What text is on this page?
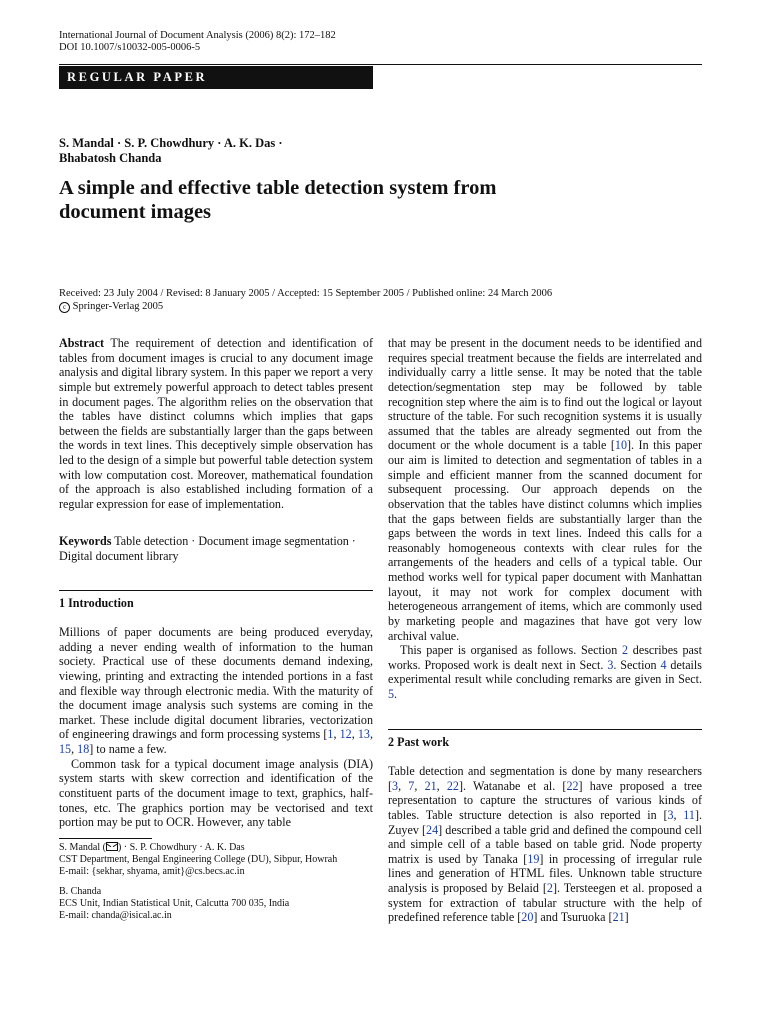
International Journal of Document Analysis (2006) 8(2): 172–182
DOI 10.1007/s10032-005-0006-5
REGULAR PAPER
S. Mandal · S. P. Chowdhury · A. K. Das ·
Bhabatosh Chanda
A simple and effective table detection system from
document images
Received: 23 July 2004 / Revised: 8 January 2005 / Accepted: 15 September 2005 / Published online: 24 March 2006
c Springer-Verlag 2005

Abstract The requirement of detection and identification of tables from document images is crucial to any document image analysis and digital library system. In this paper we report a very simple but extremely powerful approach to detect tables present in document pages. The algorithm relies on the observation that the tables have distinct columns which implies that gaps between the fields are substantially larger than the gaps between the words in text lines. This deceptively simple observation has led to the design of a simple but powerful table detection system with low computation cost. Moreover, mathematical foundation of the approach is also established including formation of a regular expression for ease of implementation.

Keywords Table detection · Document image segmentation · Digital document library

1 Introduction

Millions of paper documents are being produced everyday, adding a never ending wealth of information to the human society. Practical use of these documents demand indexing, viewing, printing and extracting the intended portions in a fast and flexible way through electronic media. With the maturity of the document image analysis such systems are coming in the market. These include digital document libraries, vectorization of engineering drawings and form processing systems [1, 12, 13, 15, 18] to name a few.

Common task for a typical document image analysis (DIA) system starts with skew correction and identification of the constituent parts of the document image to text, graphics, half-tones, etc. The graphics portion may be vectorised and text portion may be put to OCR. However, any table

S. Mandal ( ) · S. P. Chowdhury · A. K. Das
CST Department, Bengal Engineering College (DU), Sibpur, Howrah
E-mail: {sekhar, shyama, amit}@cs.becs.ac.in
B. Chanda
ECS Unit, Indian Statistical Unit, Calcutta 700 035, India
E-mail: chanda@isical.ac.in

that may be present in the document needs to be identified and requires special treatment because the fields are interrelated and individually carry a little sense. It may be noted that the table detection/segmentation step may be followed by table recognition step where the aim is to find out the logical or layout structure of the table. For such recognition systems it is usually assumed that the tables are already segmented out from the document or the whole document is a table [10]. In this paper our aim is limited to detection and segmentation of tables in a simple and efficient manner from the scanned document for subsequent processing. Our approach depends on the observation that the tables have distinct columns which implies that the gaps between fields are substantially larger than the gaps between the words in text lines. Indeed this calls for a reasonably homogeneous contexts with clear rules for the arrangements of the headers and cells of a typical table. Our method works well for typical paper document with Manhattan layout, it may not work for complex document with heterogeneous arrangement of items, which are commonly used by marketing people and magazines that have got very low archival value.

This paper is organised as follows. Section 2 describes past works. Proposed work is dealt next in Sect. 3. Section 4 details experimental result while concluding remarks are given in Sect. 5.

2 Past work

Table detection and segmentation is done by many researchers [3, 7, 21, 22]. Watanabe et al. [22] have proposed a tree representation to capture the structures of various kinds of tables. Table structure detection is also reported in [3, 11]. Zuyev [24] described a table grid and defined the compound cell and simple cell of a table based on table grid. Node property matrix is used by Tanaka [19] in processing of irregular rule lines and generation of HTML files. Unknown table structure analysis is proposed by Belaid [2]. Tersteegen et al. proposed a system for extraction of tabular structure with the help of predefined reference table [20] and Tsuruoka [21]
